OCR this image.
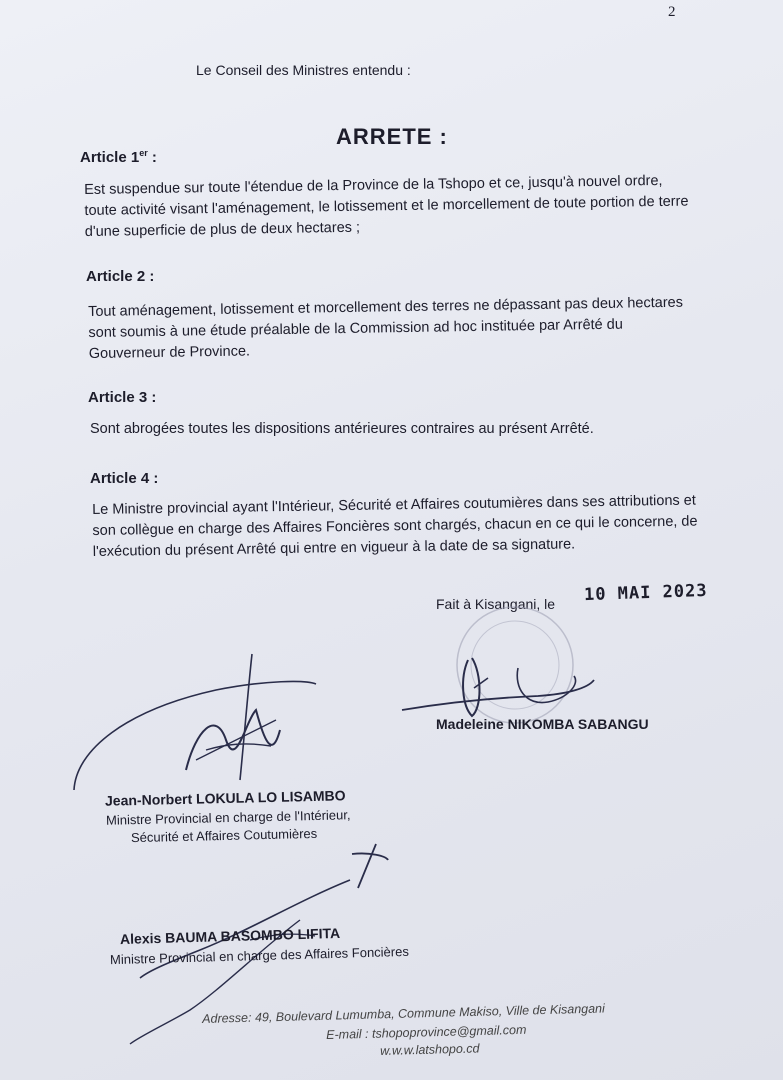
2

Le Conseil des Ministres entendu :

ARRETE :

Article 1er :

Est suspendue sur toute l'étendue de la Province de la Tshopo et ce, jusqu'à nouvel ordre, toute activité visant l'aménagement, le lotissement et le morcellement de toute portion de terre d'une superficie de plus de deux hectares ;

Article 2 :

Tout aménagement, lotissement et morcellement des terres ne dépassant pas deux hectares sont soumis à une étude préalable de la Commission ad hoc instituée par Arrêté du Gouverneur de Province.

Article 3 :

Sont abrogées toutes les dispositions antérieures contraires au présent Arrêté.

Article 4 :

Le Ministre provincial ayant l'Intérieur, Sécurité et Affaires coutumières dans ses attributions et son collègue en charge des Affaires Foncières sont chargés, chacun en ce qui le concerne, de l'exécution du présent Arrêté qui entre en vigueur à la date de sa signature.

Fait à Kisangani, le 10 MAI 2023

Madeleine NIKOMBA SABANGU

Jean-Norbert LOKULA LO LISAMBO

Ministre Provincial en charge de l'Intérieur,

Sécurité et Affaires Coutumières

Alexis BAUMA BASOMBO LIFITA

Ministre Provincial en charge des Affaires Foncières

Adresse: 49, Boulevard Lumumba, Commune Makiso, Ville de Kisangani

E-mail : tshopoprovince@gmail.com

w.w.w.latshopo.cd
